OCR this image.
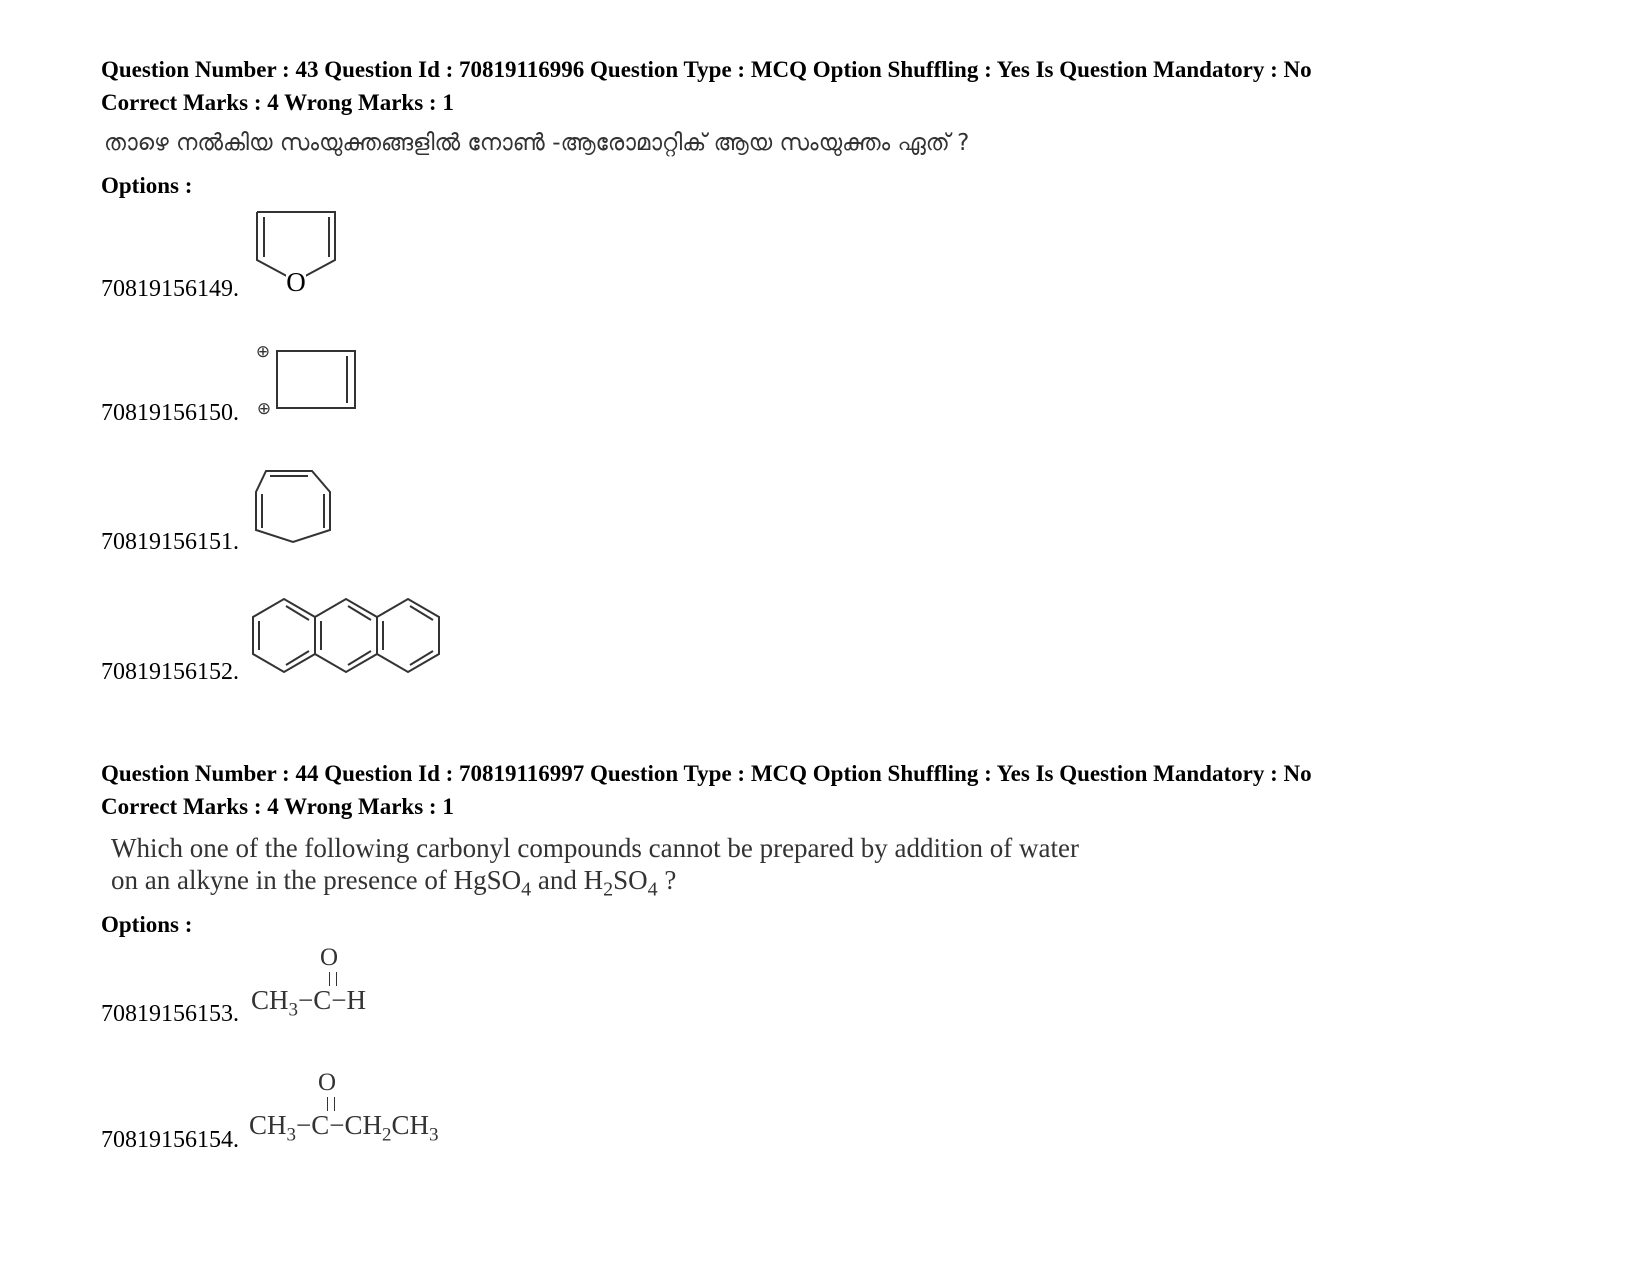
Question Number : 43 Question Id : 70819116996 Question Type : MCQ Option Shuffling : Yes Is Question Mandatory : No
Correct Marks : 4 Wrong Marks : 1
താഴെ നൽകിയ സംയുക്തങ്ങളിൽ നോൺ -ആരോമാറ്റിക് ആയ സംയുക്തം ഏത് ?
Options :
70819156149. O
70819156150.
⊕
⊕
70819156151.
70819156152.
Question Number : 44 Question Id : 70819116997 Question Type : MCQ Option Shuffling : Yes Is Question Mandatory : No
Correct Marks : 4 Wrong Marks : 1
Which one of the following carbonyl compounds cannot be prepared by addition of water
on an alkyne in the presence of HgSO$_4$ and $H_2SO_4$ ?
Options :
70819156153.
O
$CH_3-C-H$
70819156154.
O
$CH_3-C-CH_2CH_3$
